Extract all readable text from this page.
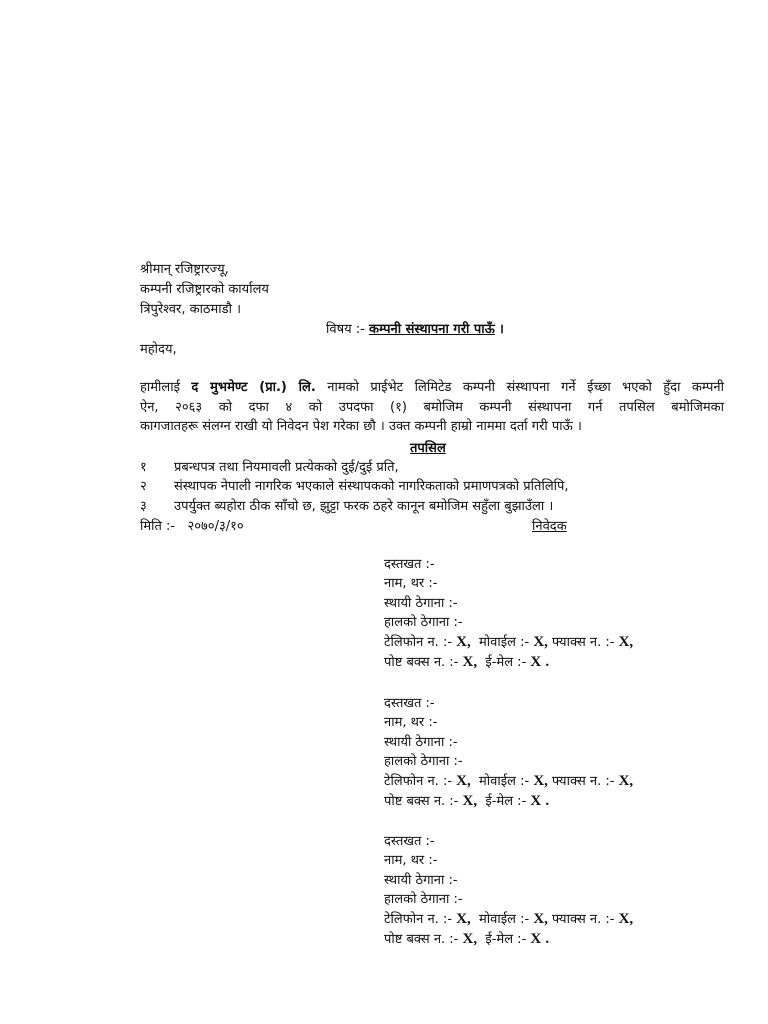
श्रीमान् रजिष्ट्रारज्यू,
कम्पनी रजिष्ट्रारको कार्यालय
त्रिपुरेश्वर, काठमाडौ ।
विषय :- कम्पनी संस्थापना गरी पाऊँ ।
महोदय,
हामीलाई द मुभमेण्ट (प्रा.) लि. नामको प्राईभेट लिमिटेड कम्पनी संस्थापना गर्ने ईच्छा भएको हुँदा कम्पनी
ऐन, २०६३ को दफा ४ को उपदफा (१) बमोजिम कम्पनी संस्थापना गर्न तपसिल बमोजिमका
कागजातहरू संलग्न राखी यो निवेदन पेश गरेका छौ । उक्त कम्पनी हाम्रो नाममा दर्ता गरी पाऊँ ।
तपसिल
१ प्रबन्धपत्र तथा नियमावली प्रत्येकको दुई/दुई प्रति,
२ संस्थापक नेपाली नागरिक भएकाले संस्थापकको नागरिकताको प्रमाणपत्रको प्रतिलिपि,
३ उपर्युक्त ब्यहोरा ठीक साँचो छ, झुट्टा फरक ठहरे कानून बमोजिम सहुँला बुझाउँला ।
मिति :- २०७०/३/१०	निवेदक
दस्तखत :-
नाम, थर :-
स्थायी ठेगाना :-
हालको ठेगाना :-
टेलिफोन न. :- X, मोवाईल :- X, फ्याक्स न. :- X,
पोष्ट बक्स न. :- X, ई-मेल :- X .
दस्तखत :-
नाम, थर :-
स्थायी ठेगाना :-
हालको ठेगाना :-
टेलिफोन न. :- X, मोवाईल :- X, फ्याक्स न. :- X,
पोष्ट बक्स न. :- X, ई-मेल :- X .
दस्तखत :-
नाम, थर :-
स्थायी ठेगाना :-
हालको ठेगाना :-
टेलिफोन न. :- X, मोवाईल :- X, फ्याक्स न. :- X,
पोष्ट बक्स न. :- X, ई-मेल :- X .
